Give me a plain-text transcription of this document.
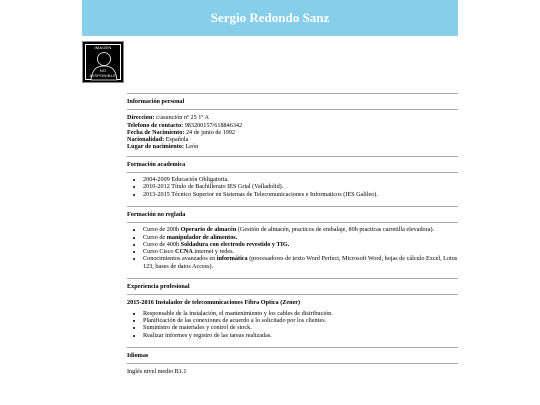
Sergio Redondo Sanz
IMAGEN
NO
DISPONIBLE
Información personal
Direccion: c/asunción nº 25 1º A
Telefono de contacto: 983200157/618846342
Fecha de Nacimiento: 24 de junio de 1992
Nacionalidad: Española
Lugar de nacimiento: León
Formación academica
• 2004-2009 Educación Obligatoria.
• 2010-2012 Título de Bachillerato IES Grial (Valladolid).
• 2013-2015 Técnico Superior en Sistemas de Telecomunicaciones e Informaticos (IES Galileo).
Formación no reglada
• Curso de 200h Operario de almacén (Gestión de almacén, practicos de embalaje, 80h practicas carretilla elevadora).
• Curso de manipulador de alimentos.
• Curso de 400h Soldadura con electrodo revestido y TIG.
• Curso Cisco CCNA internet y redes.
• Conocimientos avanzados en informática (procesadores de texto Word Perfect, Microsoft Word, hojas de cálculo Excel, Lotus 123, bases de datos Access).
Experiencia profesional
2015-2016 Instalador de telecomunicaciones Fibra Optica (Zener)
• Responsable de la instalación, el mantenimiento y los cables de distribución.
• Planificación de las conexiones de acuerdo a lo solicitado por los clientes.
• Suministro de materiales y control de stock.
• Realizar informes y registro de las tareas realizadas.
Idiomas

Inglés nivel medio B1.1
